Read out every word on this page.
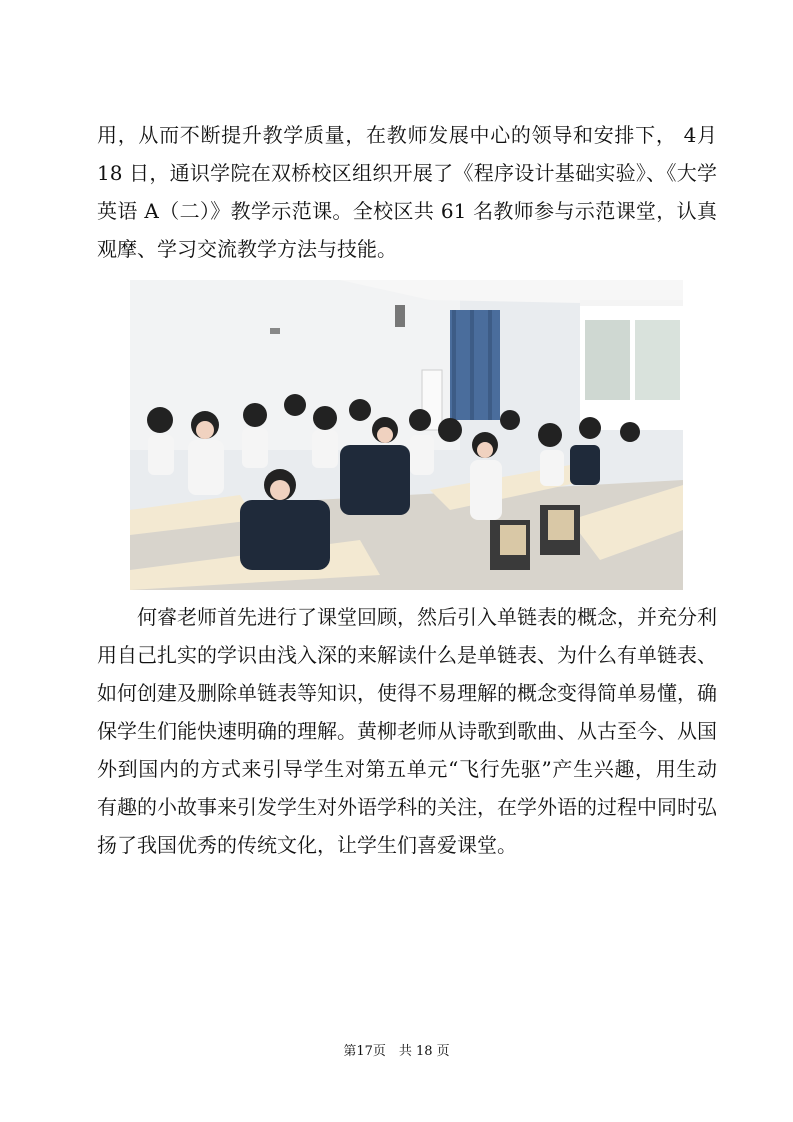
用，从而不断提升教学质量，在教师发展中心的领导和安排下， 4月 18 日，通识学院在双桥校区组织开展了《程序设计基础实验》、《大学英语 A（二）》教学示范课。全校区共 61 名教师参与示范课堂，认真观摩、学习交流教学方法与技能。

何睿老师首先进行了课堂回顾，然后引入单链表的概念，并充分利用自己扎实的学识由浅入深的来解读什么是单链表、为什么有单链表、如何创建及删除单链表等知识，使得不易理解的概念变得简单易懂，确保学生们能快速明确的理解。黄柳老师从诗歌到歌曲、从古至今、从国外到国内的方式来引导学生对第五单元“飞行先驱”产生兴趣，用生动有趣的小故事来引发学生对外语学科的关注，在学外语的过程中同时弘扬了我国优秀的传统文化，让学生们喜爱课堂。

第17页　共 18 页
